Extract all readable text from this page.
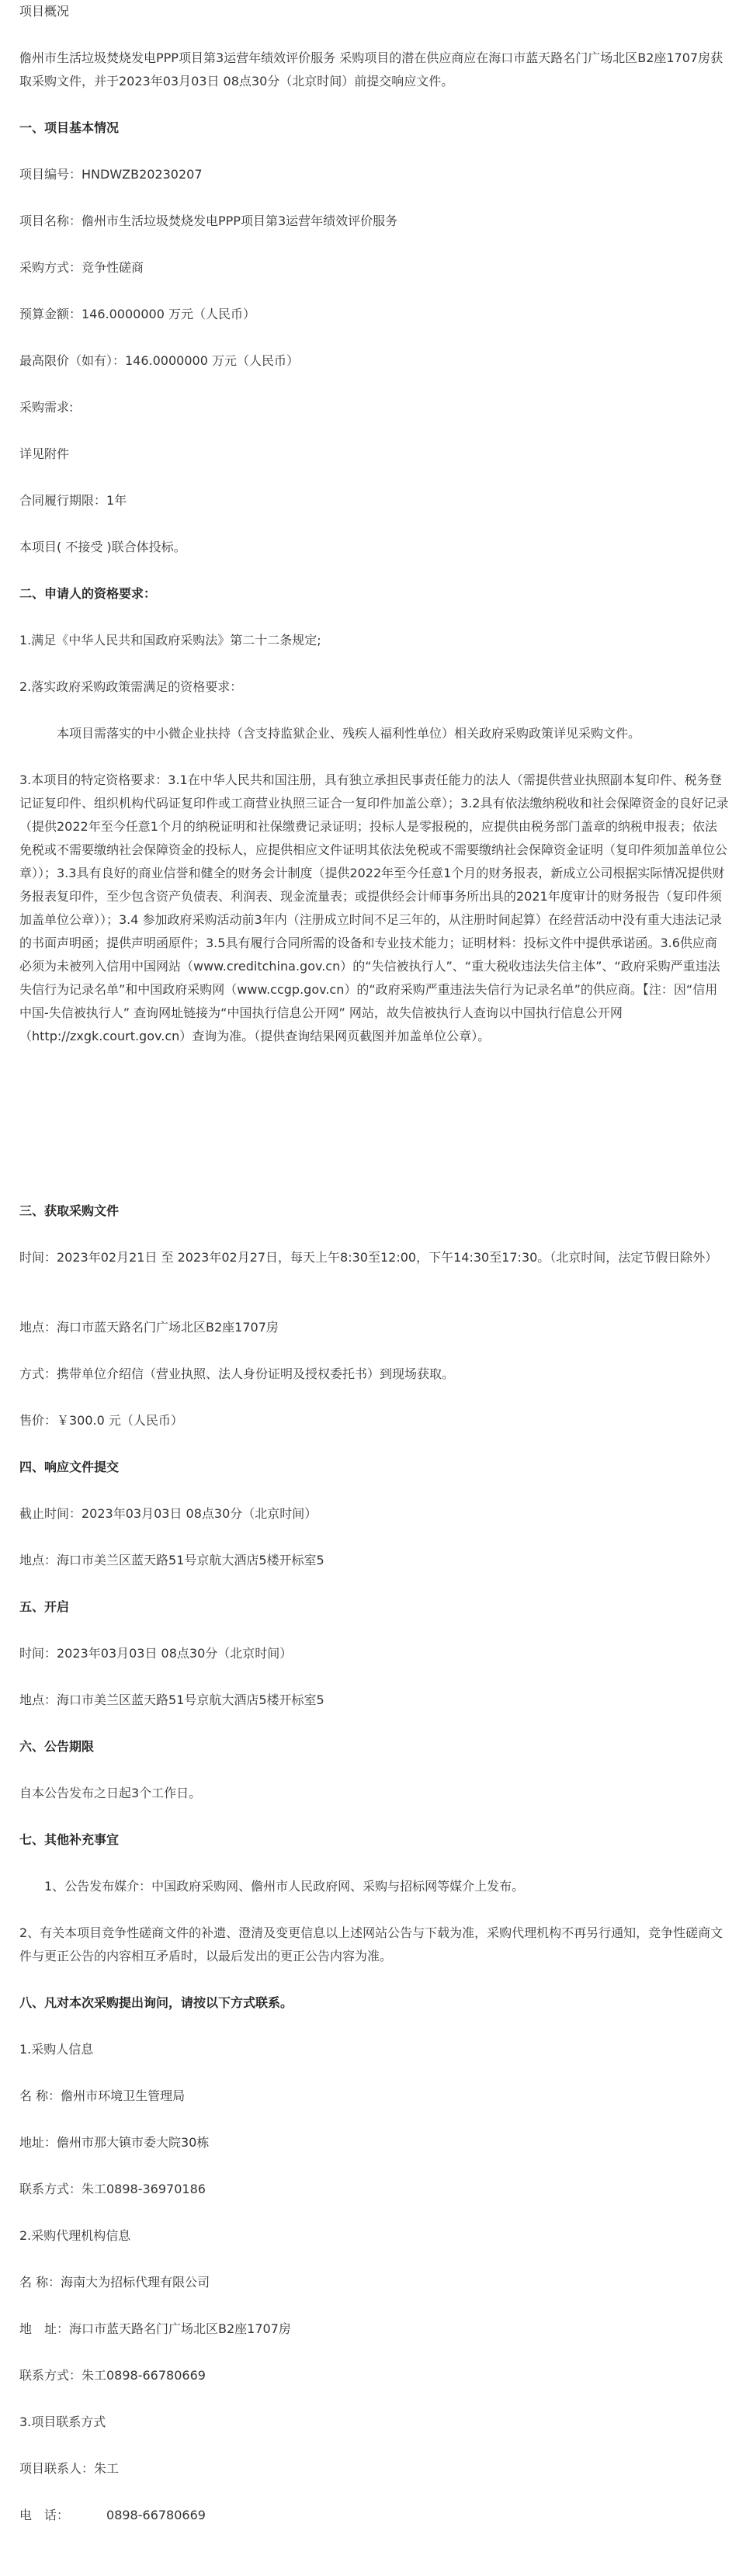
项目概况

儋州市生活垃圾焚烧发电PPP项目第3运营年绩效评价服务 采购项目的潜在供应商应在海口市蓝天路名门广场北区B2座1707房获取采购文件，并于2023年03月03日 08点30分（北京时间）前提交响应文件。

一、项目基本情况

项目编号：HNDWZB20230207

项目名称：儋州市生活垃圾焚烧发电PPP项目第3运营年绩效评价服务

采购方式：竞争性磋商

预算金额：146.0000000 万元（人民币）

最高限价（如有）：146.0000000 万元（人民币）

采购需求:

详见附件

合同履行期限：1年

本项目( 不接受 )联合体投标。

二、申请人的资格要求：

1.满足《中华人民共和国政府采购法》第二十二条规定;

2.落实政府采购政策需满足的资格要求：

本项目需落实的中小微企业扶持（含支持监狱企业、残疾人福利性单位）相关政府采购政策详见采购文件。

3.本项目的特定资格要求：3.1在中华人民共和国注册，具有独立承担民事责任能力的法人（需提供营业执照副本复印件、税务登记证复印件、组织机构代码证复印件或工商营业执照三证合一复印件加盖公章）；3.2具有依法缴纳税收和社会保障资金的良好记录（提供2022年至今任意1个月的纳税证明和社保缴费记录证明；投标人是零报税的，应提供由税务部门盖章的纳税申报表；依法免税或不需要缴纳社会保障资金的投标人，应提供相应文件证明其依法免税或不需要缴纳社会保障资金证明（复印件须加盖单位公章））；3.3具有良好的商业信誉和健全的财务会计制度（提供2022年至今任意1个月的财务报表，新成立公司根据实际情况提供财务报表复印件，至少包含资产负债表、利润表、现金流量表；或提供经会计师事务所出具的2021年度审计的财务报告（复印件须加盖单位公章））；3.4 参加政府采购活动前3年内（注册成立时间不足三年的，从注册时间起算）在经营活动中没有重大违法记录的书面声明函；提供声明函原件；3.5具有履行合同所需的设备和专业技术能力；证明材料：投标文件中提供承诺函。3.6供应商必须为未被列入信用中国网站（www.creditchina.gov.cn）的“失信被执行人”、“重大税收违法失信主体”、“政府采购严重违法失信行为记录名单”和中国政府采购网（www.ccgp.gov.cn）的“政府采购严重违法失信行为记录名单”的供应商。【注：因“信用中国-失信被执行人” 查询网址链接为“中国执行信息公开网” 网站，故失信被执行人查询以中国执行信息公开网（http://zxgk.court.gov.cn）查询为准。（提供查询结果网页截图并加盖单位公章）。

三、获取采购文件

时间：2023年02月21日 至 2023年02月27日，每天上午8:30至12:00，下午14:30至17:30。（北京时间，法定节假日除外）

地点：海口市蓝天路名门广场北区B2座1707房

方式：携带单位介绍信（营业执照、法人身份证明及授权委托书）到现场获取。

售价：￥300.0 元（人民币）

四、响应文件提交

截止时间：2023年03月03日 08点30分（北京时间）

地点：海口市美兰区蓝天路51号京航大酒店5楼开标室5

五、开启

时间：2023年03月03日 08点30分（北京时间）

地点：海口市美兰区蓝天路51号京航大酒店5楼开标室5

六、公告期限

自本公告发布之日起3个工作日。

七、其他补充事宜

1、公告发布媒介：中国政府采购网、儋州市人民政府网、采购与招标网等媒介上发布。

2、有关本项目竞争性磋商文件的补遗、澄清及变更信息以上述网站公告与下载为准，采购代理机构不再另行通知，竞争性磋商文件与更正公告的内容相互矛盾时，以最后发出的更正公告内容为准。

八、凡对本次采购提出询问，请按以下方式联系。

1.采购人信息

名 称：儋州市环境卫生管理局

地址：儋州市那大镇市委大院30栋

联系方式：朱工0898-36970186

2.采购代理机构信息

名 称：海南大为招标代理有限公司

地　址：海口市蓝天路名门广场北区B2座1707房

联系方式：朱工0898-66780669

3.项目联系方式

项目联系人：朱工

电　话：	0898-66780669
